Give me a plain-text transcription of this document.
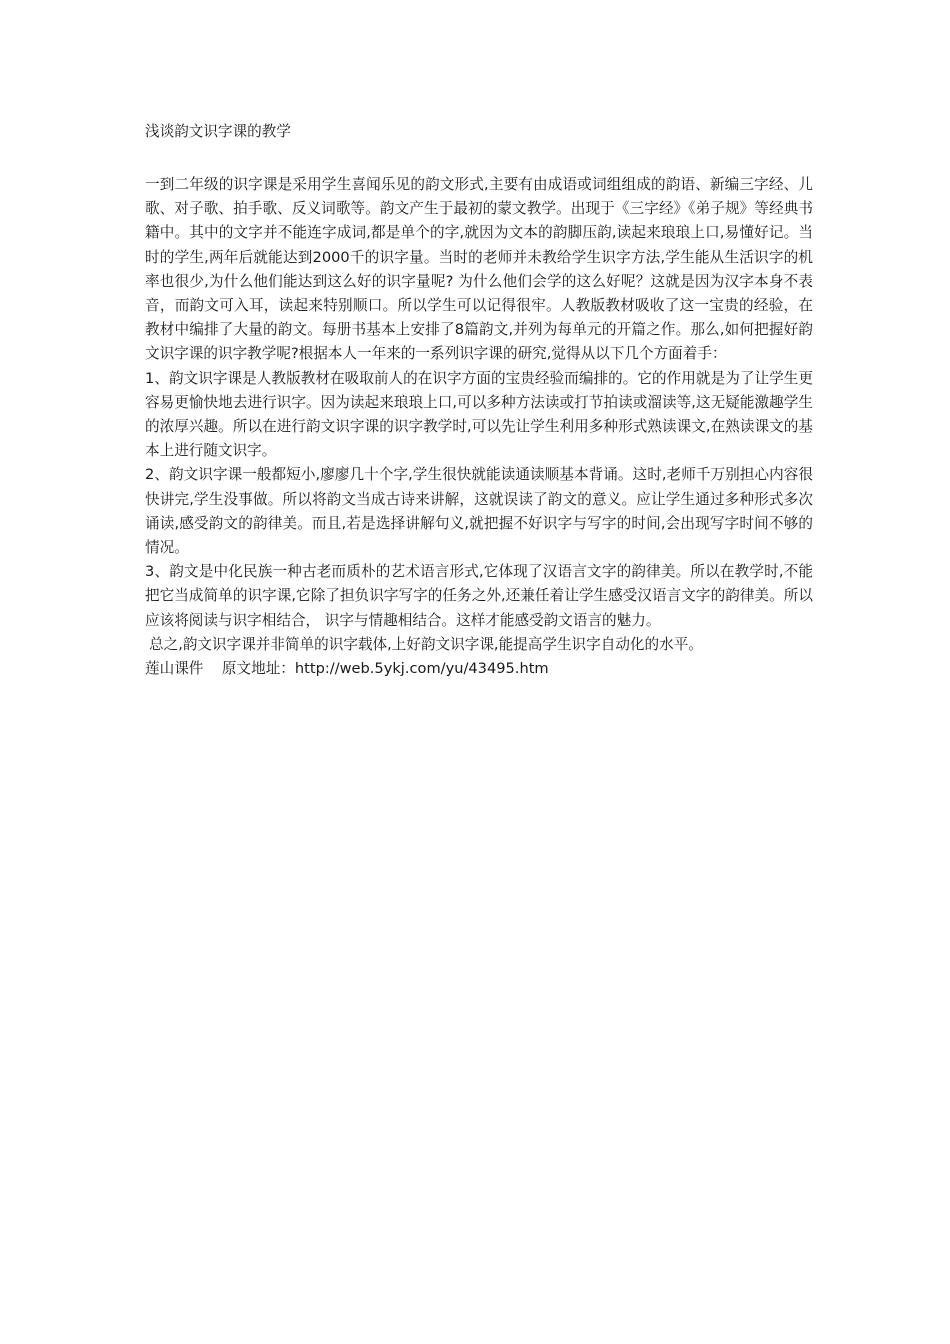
浅谈韵文识字课的教学

一到二年级的识字课是采用学生喜闻乐见的韵文形式,主要有由成语或词组组成的韵语、新编三字经、儿歌、对子歌、拍手歌、反义词歌等。韵文产生于最初的蒙文教学。出现于《三字经》《弟子规》等经典书籍中。其中的文字并不能连字成词,都是单个的字,就因为文本的韵脚压韵,读起来琅琅上口,易懂好记。当时的学生,两年后就能达到2000千的识字量。当时的老师并未教给学生识字方法,学生能从生活识字的机率也很少,为什么他们能达到这么好的识字量呢? 为什么他们会学的这么好呢？这就是因为汉字本身不表音，而韵文可入耳，读起来特别顺口。所以学生可以记得很牢。人教版教材吸收了这一宝贵的经验，在教材中编排了大量的韵文。每册书基本上安排了8篇韵文,并列为每单元的开篇之作。那么,如何把握好韵文识字课的识字教学呢?根据本人一年来的一系列识字课的研究,觉得从以下几个方面着手：

1、韵文识字课是人教版教材在吸取前人的在识字方面的宝贵经验而编排的。它的作用就是为了让学生更容易更愉快地去进行识字。因为读起来琅琅上口,可以多种方法读或打节拍读或溜读等,这无疑能激趣学生的浓厚兴趣。所以在进行韵文识字课的识字教学时,可以先让学生利用多种形式熟读课文,在熟读课文的基本上进行随文识字。

2、韵文识字课一般都短小,廖廖几十个字,学生很快就能读通读顺基本背诵。这时,老师千万别担心内容很快讲完,学生没事做。所以将韵文当成古诗来讲解，这就误读了韵文的意义。应让学生通过多种形式多次诵读,感受韵文的韵律美。而且,若是选择讲解句义,就把握不好识字与写字的时间,会出现写字时间不够的情况。

3、韵文是中化民族一种古老而质朴的艺术语言形式,它体现了汉语言文字的韵律美。所以在教学时,不能把它当成简单的识字课,它除了担负识字写字的任务之外,还兼任着让学生感受汉语言文字的韵律美。所以应该将阅读与识字相结合， 识字与情趣相结合。这样才能感受韵文语言的魅力。

总之,韵文识字课并非简单的识字载体,上好韵文识字课,能提高学生识字自动化的水平。

莲山课件    原文地址：http://web.5ykj.com/yu/43495.htm
